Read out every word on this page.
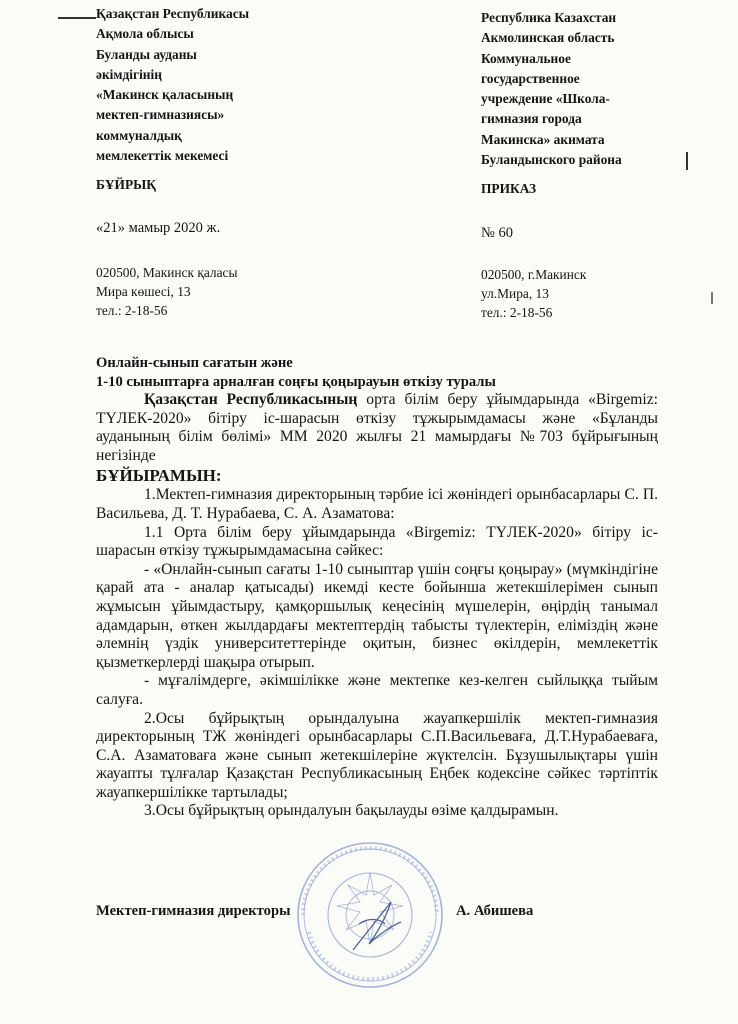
Қазақстан Республикасы
Ақмола облысы
Буланды ауданы
әкімдігінің
«Макинск қаласының
мектеп-гимназиясы»
коммуналдық
мемлекеттік мекемесі
Республика Казахстан
Акмолинская область
Коммунальное
государственное
учреждение «Школа-
гимназия города
Макинска» акимата
Буландынского района
БҰЙРЫҚ	ПРИКАЗ
«21» мамыр 2020 ж.	№ 60
020500, Макинск қаласы
Мира көшесі, 13
тел.: 2-18-56
020500, г.Макинск
ул.Мира, 13
тел.: 2-18-56
Онлайн-сынып сағатын және
1-10 сыныптарға арналған соңғы қоңырауын өткізу туралы

Қазақстан Республикасының орта білім беру ұйымдарында «Birgemiz: ТҮЛЕК-2020» бітіру іс-шарасын өткізу тұжырымдамасы және «Бұланды ауданының білім бөлімі» ММ 2020 жылғы 21 мамырдағы №703 бұйрығының негізінде

БҰЙЫРАМЫН:

1.Мектеп-гимназия директорының тәрбие ісі жөніндегі орынбасарлары С. П. Васильева, Д. Т. Нурабаева, С. А. Азаматова:

1.1 Орта білім беру ұйымдарында «Birgemiz: ТҮЛЕК-2020» бітіру іс-шарасын өткізу тұжырымдамасына сәйкес:

- «Онлайн-сынып сағаты 1-10 сыныптар үшін соңғы қоңырау» (мүмкіндігіне қарай ата - аналар қатысады) икемді кесте бойынша жетекшілерімен сынып жұмысын ұйымдастыру, қамқоршылық кеңесінің мүшелерін, өңірдің танымал адамдарын, өткен жылдардағы мектептердің табысты түлектерін, еліміздің және әлемнің үздік университеттерінде оқитын, бизнес өкілдерін, мемлекеттік қызметкерлерді шақыра отырып.

- мұғалімдерге, әкімшілікке және мектепке кез-келген сыйлыққа тыйым салуға.

2.Осы бұйрықтың орындалуына жауапкершілік мектеп-гимназия директорының ТЖ жөніндегі орынбасарлары С.П.Васильеваға, Д.Т.Нурабаеваға, С.А. Азаматоваға және сынып жетекшілеріне жүктелсін. Бұзушылықтары үшін жауапты тұлғалар Қазақстан Республикасының Еңбек кодексіне сәйкес тәртіптік жауапкершілікке тартылады;

3.Осы бұйрықтың орындалуын бақылауды өзіме қалдырамын.

Мектеп-гимназия директоры	А. Абишева
